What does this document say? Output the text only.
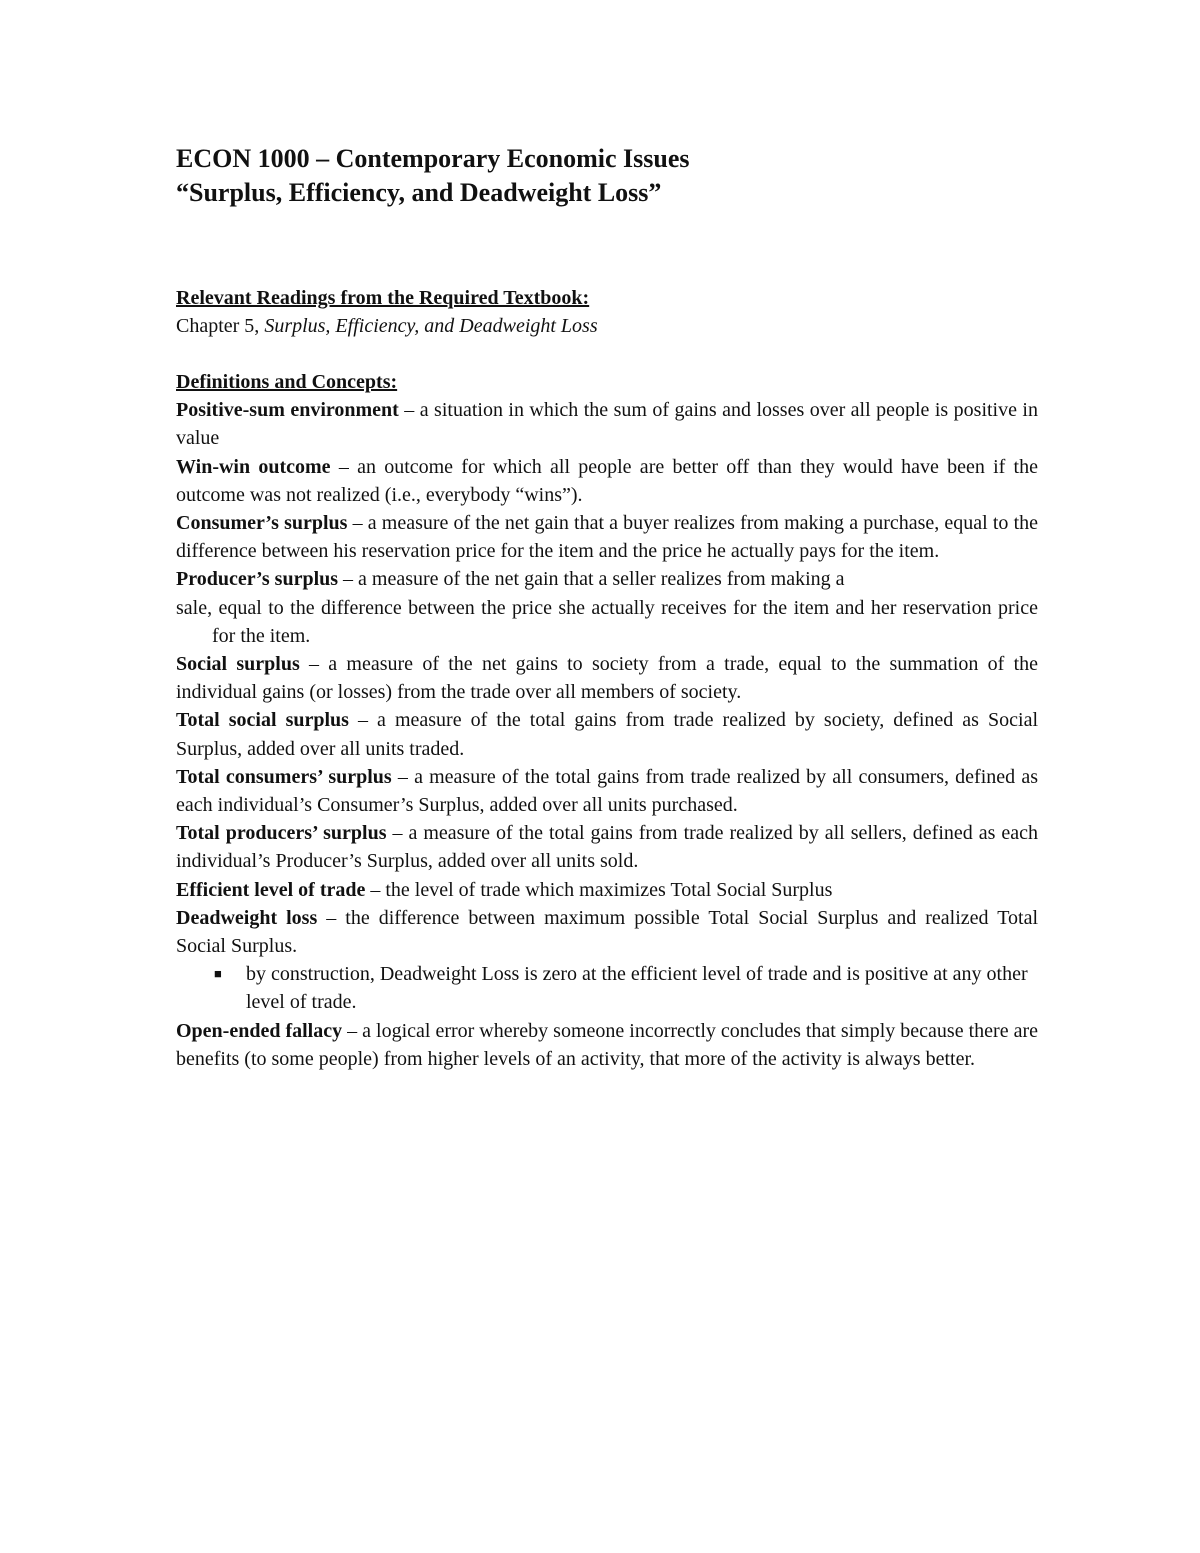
ECON 1000 – Contemporary Economic Issues

“Surplus, Efficiency, and Deadweight Loss”

Relevant Readings from the Required Textbook:

Chapter 5, Surplus, Efficiency, and Deadweight Loss

Definitions and Concepts:

Positive-sum environment – a situation in which the sum of gains and losses over all people is positive in value

Win-win outcome – an outcome for which all people are better off than they would have been if the outcome was not realized (i.e., everybody “wins”).

Consumer’s surplus – a measure of the net gain that a buyer realizes from making a purchase, equal to the difference between his reservation price for the item and the price he actually pays for the item.

Producer’s surplus – a measure of the net gain that a seller realizes from making a

sale, equal to the difference between the price she actually receives for the item and her reservation price for the item.

Social surplus – a measure of the net gains to society from a trade, equal to the summation of the individual gains (or losses) from the trade over all members of society.

Total social surplus – a measure of the total gains from trade realized by society, defined as Social Surplus, added over all units traded.

Total consumers’ surplus – a measure of the total gains from trade realized by all consumers, defined as each individual’s Consumer’s Surplus, added over all units purchased.

Total producers’ surplus – a measure of the total gains from trade realized by all sellers, defined as each individual’s Producer’s Surplus, added over all units sold.

Efficient level of trade – the level of trade which maximizes Total Social Surplus

Deadweight loss – the difference between maximum possible Total Social Surplus and realized Total Social Surplus.

■ by construction, Deadweight Loss is zero at the efficient level of trade and is positive at any other level of trade.

Open-ended fallacy – a logical error whereby someone incorrectly concludes that simply because there are benefits (to some people) from higher levels of an activity, that more of the activity is always better.
